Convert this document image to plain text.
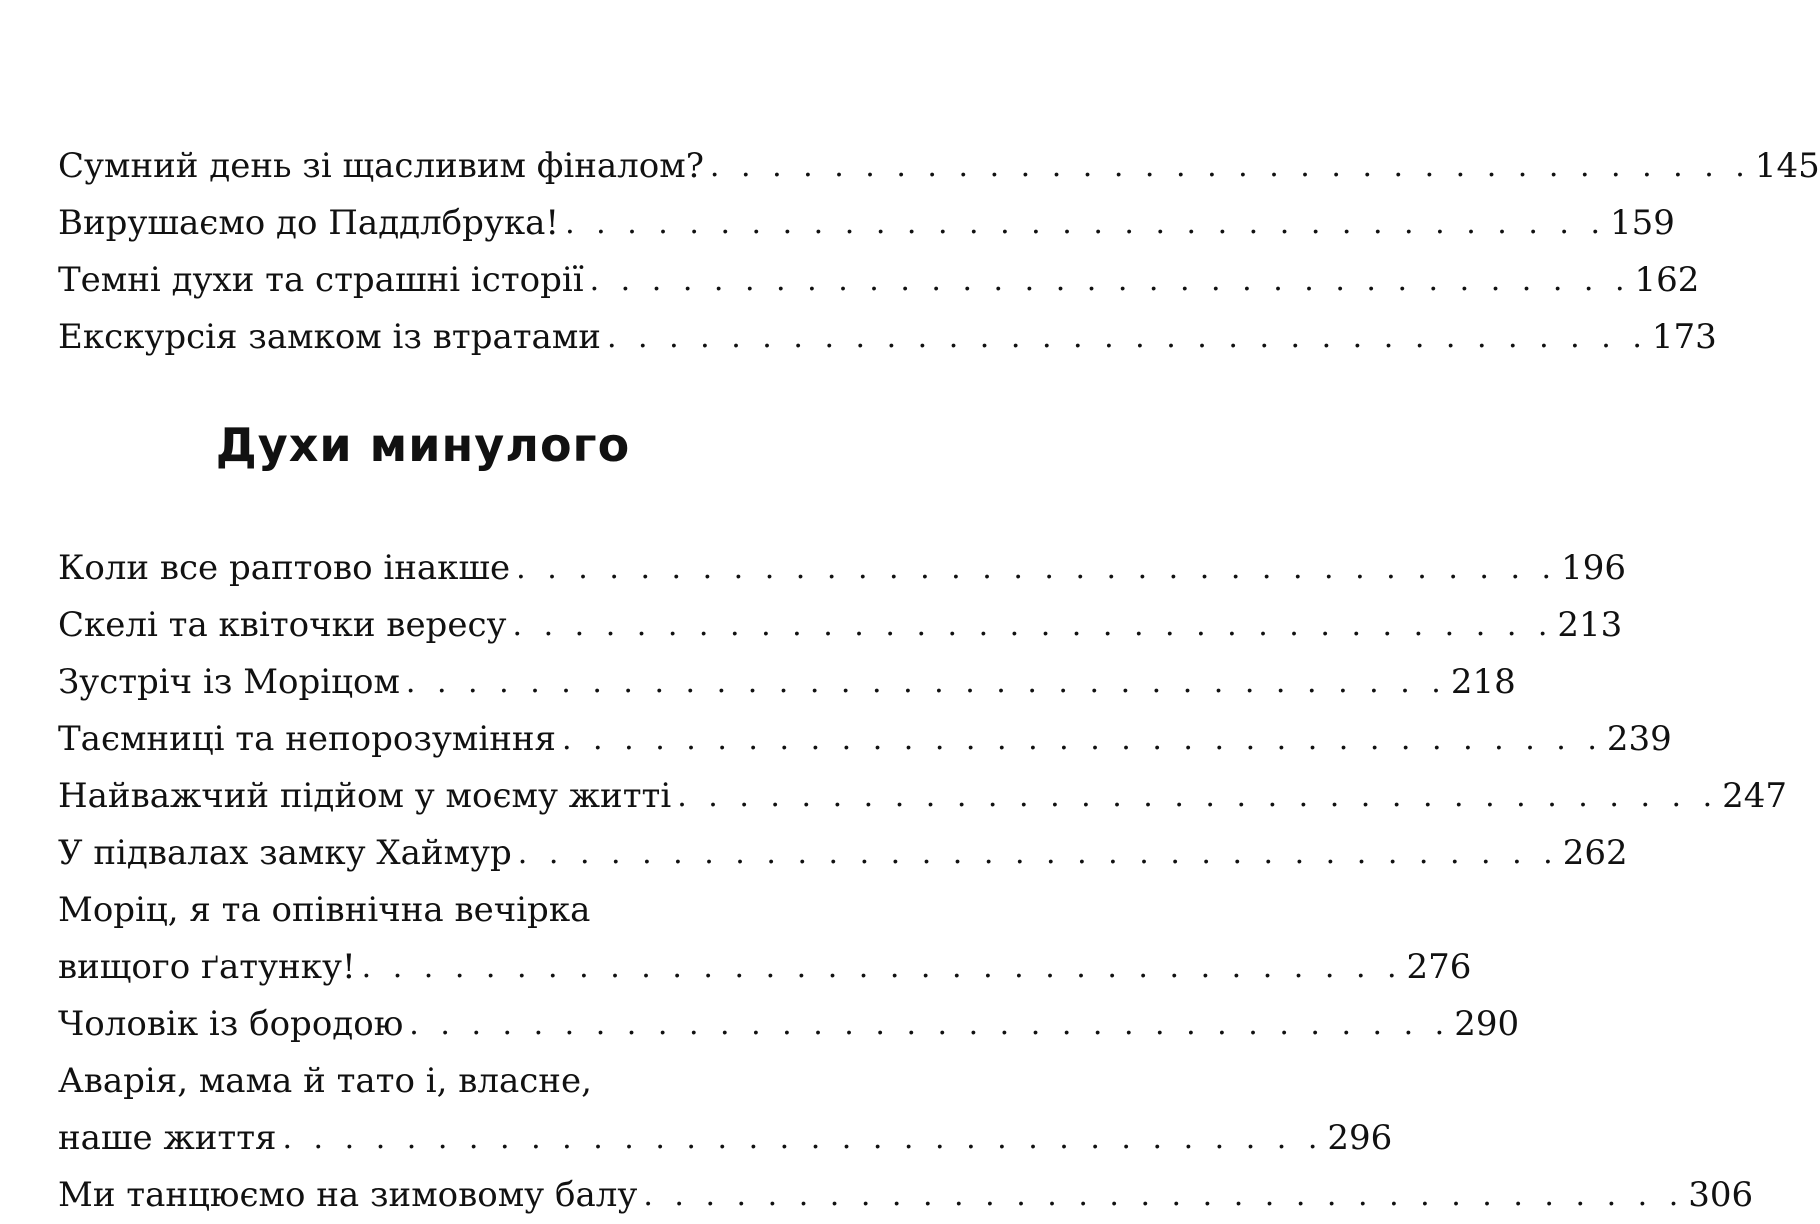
Сумний день зі щасливим фіналом? . . . . . . . . . . . . . . . . . . . . . . . . . . . . . . . . . . 145
Вирушаємо до Паддлбрука! . . . . . . . . . . . . . . . . . . . . . . . . . . . . . . . . . . 159
Темні духи та страшні історії . . . . . . . . . . . . . . . . . . . . . . . . . . . . . . . . . . 162
Екскурсія замком із втратами . . . . . . . . . . . . . . . . . . . . . . . . . . . . . . . . . . 173
Духи минулого
Коли все раптово інакше . . . . . . . . . . . . . . . . . . . . . . . . . . . . . . . . . . 196
Скелі та квіточки вересу . . . . . . . . . . . . . . . . . . . . . . . . . . . . . . . . . . 213
Зустріч із Моріцом . . . . . . . . . . . . . . . . . . . . . . . . . . . . . . . . . . 218
Таємниці та непорозуміння . . . . . . . . . . . . . . . . . . . . . . . . . . . . . . . . . . 239
Найважчий підйом у моєму житті . . . . . . . . . . . . . . . . . . . . . . . . . . . . . . . . . . 247
У підвалах замку Хаймур . . . . . . . . . . . . . . . . . . . . . . . . . . . . . . . . . . 262
Моріц, я та опівнічна вечірка
вищого ґатунку! . . . . . . . . . . . . . . . . . . . . . . . . . . . . . . . . . . 276
Чоловік із бородою . . . . . . . . . . . . . . . . . . . . . . . . . . . . . . . . . . 290
Аварія, мама й тато і, власне,
наше життя . . . . . . . . . . . . . . . . . . . . . . . . . . . . . . . . . . 296
Ми танцюємо на зимовому балу . . . . . . . . . . . . . . . . . . . . . . . . . . . . . . . . . . 306
